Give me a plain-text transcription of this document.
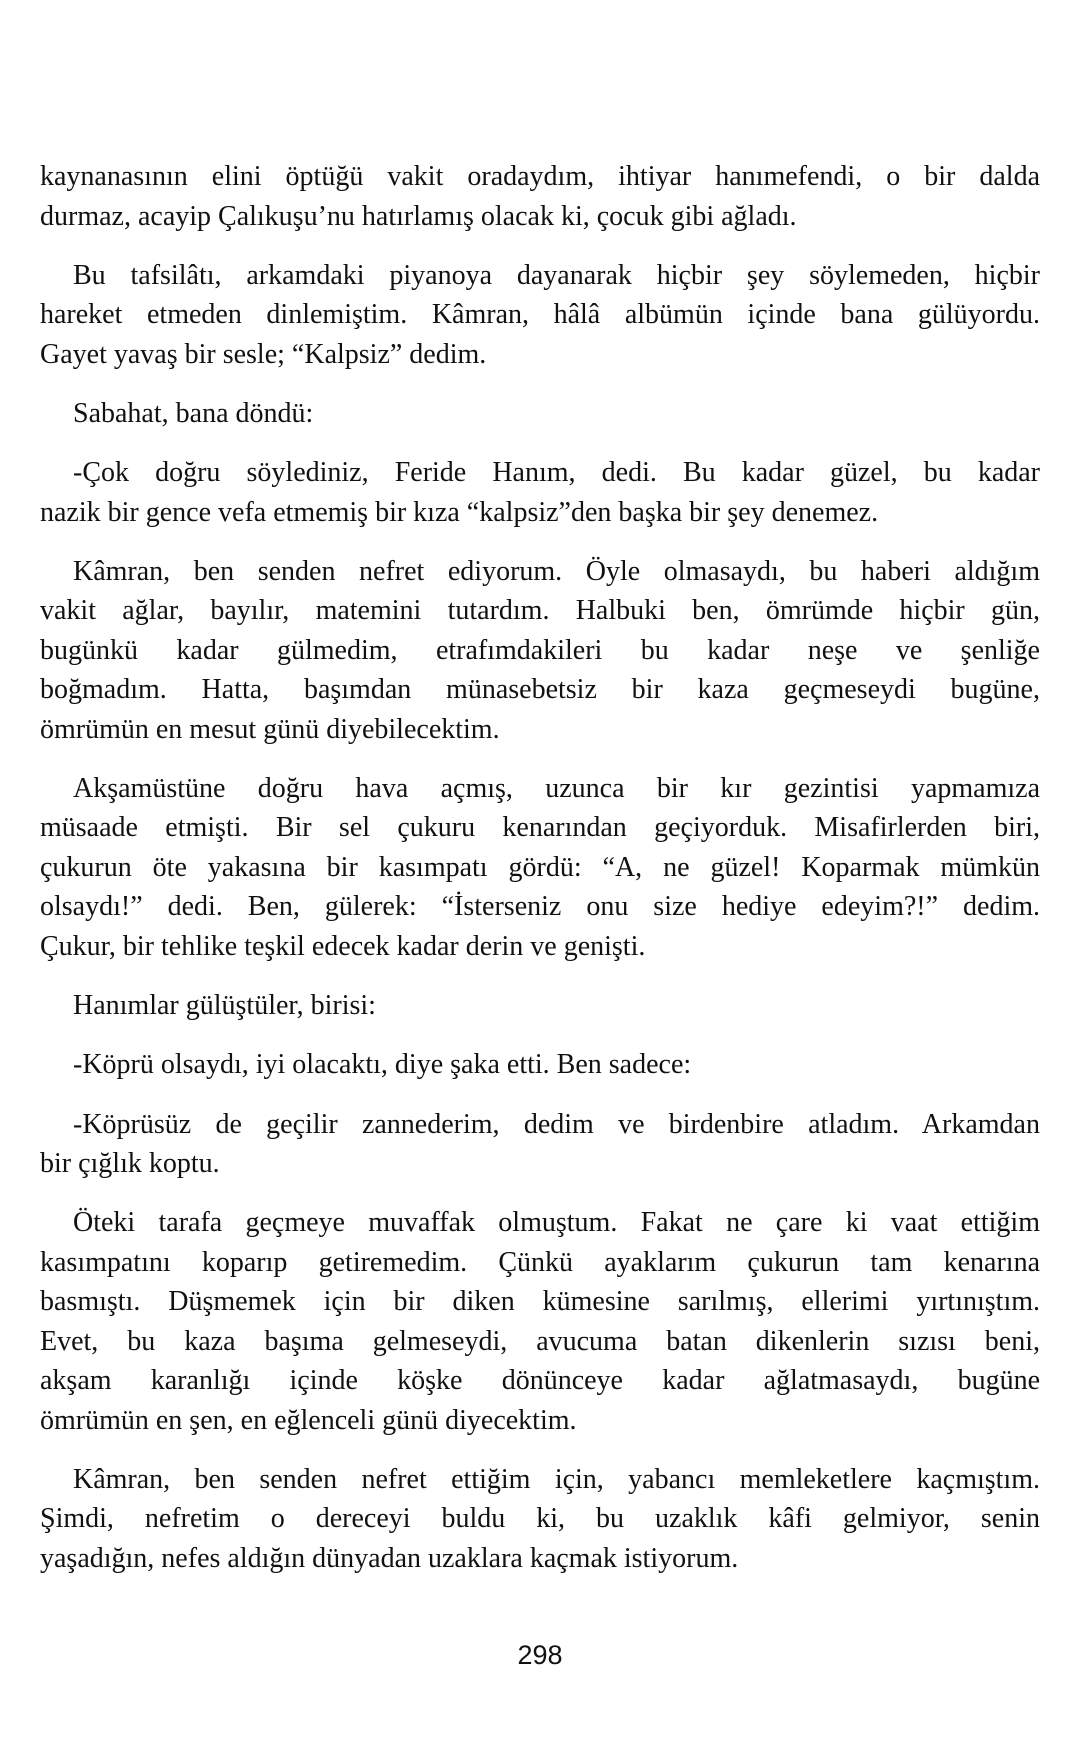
kaynanasının elini öptüğü vakit oradaydım, ihtiyar hanımefendi, o bir dalda
durmaz, acayip Çalıkuşu’nu hatırlamış olacak ki, çocuk gibi ağladı.
Bu tafsilâtı, arkamdaki piyanoya dayanarak hiçbir şey söylemeden, hiçbir
hareket etmeden dinlemiştim. Kâmran, hâlâ albümün içinde bana gülüyordu.
Gayet yavaş bir sesle; “Kalpsiz” dedim.
Sabahat, bana döndü:
-Çok doğru söylediniz, Feride Hanım, dedi. Bu kadar güzel, bu kadar
nazik bir gence vefa etmemiş bir kıza “kalpsiz”den başka bir şey denemez.
Kâmran, ben senden nefret ediyorum. Öyle olmasaydı, bu haberi aldığım
vakit ağlar, bayılır, matemini tutardım. Halbuki ben, ömrümde hiçbir gün,
bugünkü kadar gülmedim, etrafımdakileri bu kadar neşe ve şenliğe
boğmadım. Hatta, başımdan münasebetsiz bir kaza geçmeseydi bugüne,
ömrümün en mesut günü diyebilecektim.
Akşamüstüne doğru hava açmış, uzunca bir kır gezintisi yapmamıza
müsaade etmişti. Bir sel çukuru kenarından geçiyorduk. Misafirlerden biri,
çukurun öte yakasına bir kasımpatı gördü: “A, ne güzel! Koparmak mümkün
olsaydı!” dedi. Ben, gülerek: “İsterseniz onu size hediye edeyim?!” dedim.
Çukur, bir tehlike teşkil edecek kadar derin ve genişti.
Hanımlar gülüştüler, birisi:
-Köprü olsaydı, iyi olacaktı, diye şaka etti. Ben sadece:
-Köprüsüz de geçilir zannederim, dedim ve birdenbire atladım. Arkamdan
bir çığlık koptu.
Öteki tarafa geçmeye muvaffak olmuştum. Fakat ne çare ki vaat ettiğim
kasımpatını koparıp getiremedim. Çünkü ayaklarım çukurun tam kenarına
basmıştı. Düşmemek için bir diken kümesine sarılmış, ellerimi yırtınıştım.
Evet, bu kaza başıma gelmeseydi, avucuma batan dikenlerin sızısı beni,
akşam karanlığı içinde köşke dönünceye kadar ağlatmasaydı, bugüne
ömrümün en şen, en eğlenceli günü diyecektim.
Kâmran, ben senden nefret ettiğim için, yabancı memleketlere kaçmıştım.
Şimdi, nefretim o dereceyi buldu ki, bu uzaklık kâfi gelmiyor, senin
yaşadığın, nefes aldığın dünyadan uzaklara kaçmak istiyorum.
298
